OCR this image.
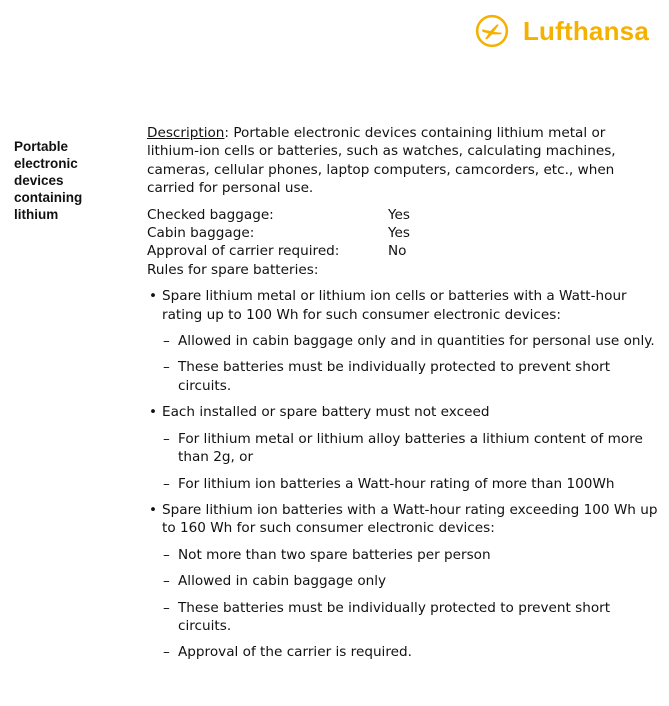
Lufthansa
Portable electronic devices containing lithium

Description: Portable electronic devices containing lithium metal or lithium-ion cells or batteries, such as watches, calculating machines, cameras, cellular phones, laptop computers, camcorders, etc., when carried for personal use.

Checked baggage:	Yes
Cabin baggage:	Yes
Approval of carrier required:	No

Rules for spare batteries:

• Spare lithium metal or lithium ion cells or batteries with a Watt-hour rating up to 100 Wh for such consumer electronic devices:
– Allowed in cabin baggage only and in quantities for personal use only.
– These batteries must be individually protected to prevent short circuits.
• Each installed or spare battery must not exceed
– For lithium metal or lithium alloy batteries a lithium content of more than 2g, or
– For lithium ion batteries a Watt-hour rating of more than 100Wh
• Spare lithium ion batteries with a Watt-hour rating exceeding 100 Wh up to 160 Wh for such consumer electronic devices:
– Not more than two spare batteries per person
– Allowed in cabin baggage only
– These batteries must be individually protected to prevent short circuits.
– Approval of the carrier is required.
